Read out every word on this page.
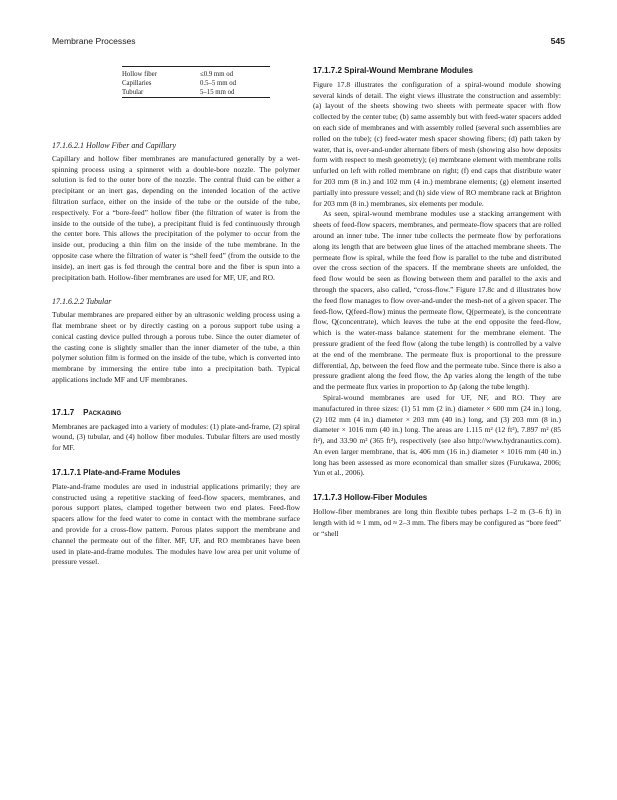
Membrane Processes	545

Hollow fiber	≤0.9 mm od
Capillaries	0.5–5 mm od
Tubular	5–15 mm od

17.1.6.2.1 Hollow Fiber and Capillary

Capillary and hollow fiber membranes are manufactured generally by a wet-spinning process using a spinneret with a double-bore nozzle. The polymer solution is fed to the outer bore of the nozzle. The central fluid can be either a precipitant or an inert gas, depending on the intended location of the active filtration surface, either on the inside of the tube or the outside of the tube, respectively. For a “bore-feed” hollow fiber (the filtration of water is from the inside to the outside of the tube), a precipitant fluid is fed continuously through the center bore. This allows the precipitation of the polymer to occur from the inside out, producing a thin film on the inside of the tube membrane. In the opposite case where the filtration of water is “shell feed” (from the outside to the inside), an inert gas is fed through the central bore and the fiber is spun into a precipitation bath. Hollow-fiber membranes are used for MF, UF, and RO.

17.1.6.2.2 Tubular

Tubular membranes are prepared either by an ultrasonic welding process using a flat membrane sheet or by directly casting on a porous support tube using a conical casting device pulled through a porous tube. Since the outer diameter of the casting cone is slightly smaller than the inner diameter of the tube, a thin polymer solution film is formed on the inside of the tube, which is converted into membrane by immersing the entire tube into a precipitation bath. Typical applications include MF and UF membranes.

17.1.7 Packaging

Membranes are packaged into a variety of modules: (1) plate-and-frame, (2) spiral wound, (3) tubular, and (4) hollow fiber modules. Tubular filters are used mostly for MF.

17.1.7.1 Plate-and-Frame Modules

Plate-and-frame modules are used in industrial applications primarily; they are constructed using a repetitive stacking of feed-flow spacers, membranes, and porous support plates, clamped together between two end plates. Feed-flow spacers allow for the feed water to come in contact with the membrane surface and provide for a cross-flow pattern. Porous plates support the membrane and channel the permeate out of the filter. MF, UF, and RO membranes have been used in plate-and-frame modules. The modules have low area per unit volume of pressure vessel.

17.1.7.2 Spiral-Wound Membrane Modules

Figure 17.8 illustrates the configuration of a spiral-wound module showing several kinds of detail. The eight views illustrate the construction and assembly: (a) layout of the sheets showing two sheets with permeate spacer with flow collected by the center tube; (b) same assembly but with feed-water spacers added on each side of membranes and with assembly rolled (several such assemblies are rolled on the tube); (c) feed-water mesh spacer showing fibers; (d) path taken by water, that is, over-and-under alternate fibers of mesh (showing also how deposits form with respect to mesh geometry); (e) membrane element with membrane rolls unfurled on left with rolled membrane on right; (f) end caps that distribute water for 203 mm (8 in.) and 102 mm (4 in.) membrane elements; (g) element inserted partially into pressure vessel; and (h) side view of RO membrane rack at Brighton for 203 mm (8 in.) membranes, six elements per module.

As seen, spiral-wound membrane modules use a stacking arrangement with sheets of feed-flow spacers, membranes, and permeate-flow spacers that are rolled around an inner tube. The inner tube collects the permeate flow by perforations along its length that are between glue lines of the attached membrane sheets. The permeate flow is spiral, while the feed flow is parallel to the tube and distributed over the cross section of the spacers. If the membrane sheets are unfolded, the feed flow would be seen as flowing between them and parallel to the axis and through the spacers, also called, “cross-flow.” Figure 17.8c and d illustrates how the feed flow manages to flow over-and-under the mesh-net of a given spacer. The feed-flow, Q(feed-flow) minus the permeate flow, Q(permeate), is the concentrate flow, Q(concentrate), which leaves the tube at the end opposite the feed-flow, which is the water-mass balance statement for the membrane element. The pressure gradient of the feed flow (along the tube length) is controlled by a valve at the end of the membrane. The permeate flux is proportional to the pressure differential, Δp, between the feed flow and the permeate tube. Since there is also a pressure gradient along the feed flow, the Δp varies along the length of the tube and the permeate flux varies in proportion to Δp (along the tube length).

Spiral-wound membranes are used for UF, NF, and RO. They are manufactured in three sizes: (1) 51 mm (2 in.) diameter × 600 mm (24 in.) long, (2) 102 mm (4 in.) diameter × 203 mm (40 in.) long, and (3) 203 mm (8 in.) diameter × 1016 mm (40 in.) long. The areas are 1.115 m² (12 ft²), 7.897 m² (85 ft²), and 33.90 m² (365 ft²), respectively (see also http://www.hydranautics.com). An even larger membrane, that is, 406 mm (16 in.) diameter × 1016 mm (40 in.) long has been assessed as more economical than smaller sizes (Furukawa, 2006; Yun et al., 2006).

17.1.7.3 Hollow-Fiber Modules

Hollow-fiber membranes are long thin flexible tubes perhaps 1–2 m (3–6 ft) in length with id ≈ 1 mm, od ≈ 2–3 mm. The fibers may be configured as “bore feed” or “shell
